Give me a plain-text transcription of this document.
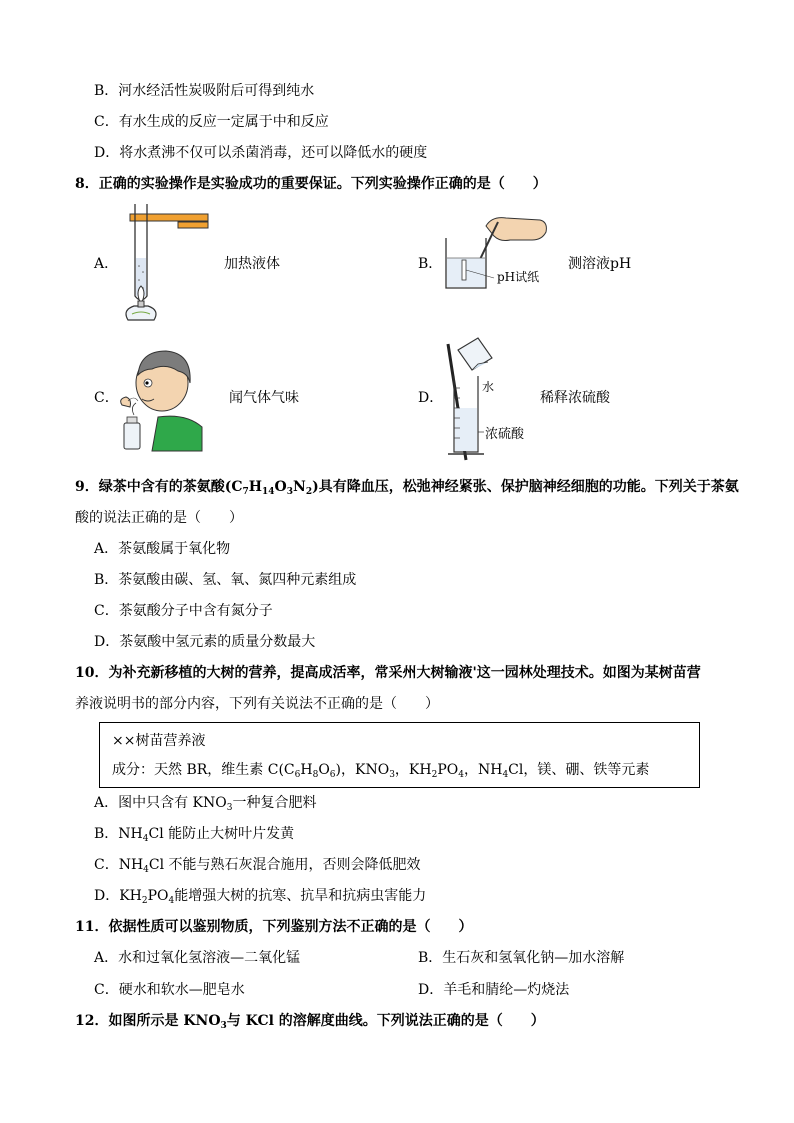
B．河水经活性炭吸附后可得到纯水
C．有水生成的反应一定属于中和反应
D．将水煮沸不仅可以杀菌消毒，还可以降低水的硬度
8．正确的实验操作是实验成功的重要保证。下列实验操作正确的是（　　）
A．	加热液体	B．
pH试纸
测溶液pH
C．	闻气体气味	D．
水
浓硫酸
稀释浓硫酸
9．绿茶中含有的茶氨酸$(C_7H_{14}O_3N_2)$具有降血压，松弛神经紧张、保护脑神经细胞的功能。下列关于茶氨
酸的说法正确的是（　　）
A．茶氨酸属于氧化物
B．茶氨酸由碳、氢、氧、氮四种元素组成
C．茶氨酸分子中含有氮分子
D．茶氨酸中氢元素的质量分数最大
10．为补充新移植的大树的营养，提高成活率，常采州大树输液'这一园林处理技术。如图为某树苗营
养液说明书的部分内容，下列有关说法不正确的是（　　）
××树苗营养液
成分：天然 BR，维生素 $C(C_6H_8O_6)$，$KNO_3$，$KH_2PO_4$，$NH_4Cl$，镁、硼、铁等元素
A．图中只含有 $KNO_3$一种复合肥料
B．$NH_4Cl$ 能防止大树叶片发黄
C．$NH_4Cl$ 不能与熟石灰混合施用，否则会降低肥效
D．$KH_2PO_4$能增强大树的抗寒、抗旱和抗病虫害能力
11．依据性质可以鉴别物质，下列鉴别方法不正确的是（　　）
A．水和过氧化氢溶液—二氧化锰	B．生石灰和氢氧化钠—加水溶解
C．硬水和软水—肥皂水	D．羊毛和腈纶—灼烧法
12．如图所示是 $KNO_3$与 KCl 的溶解度曲线。下列说法正确的是（　　）
